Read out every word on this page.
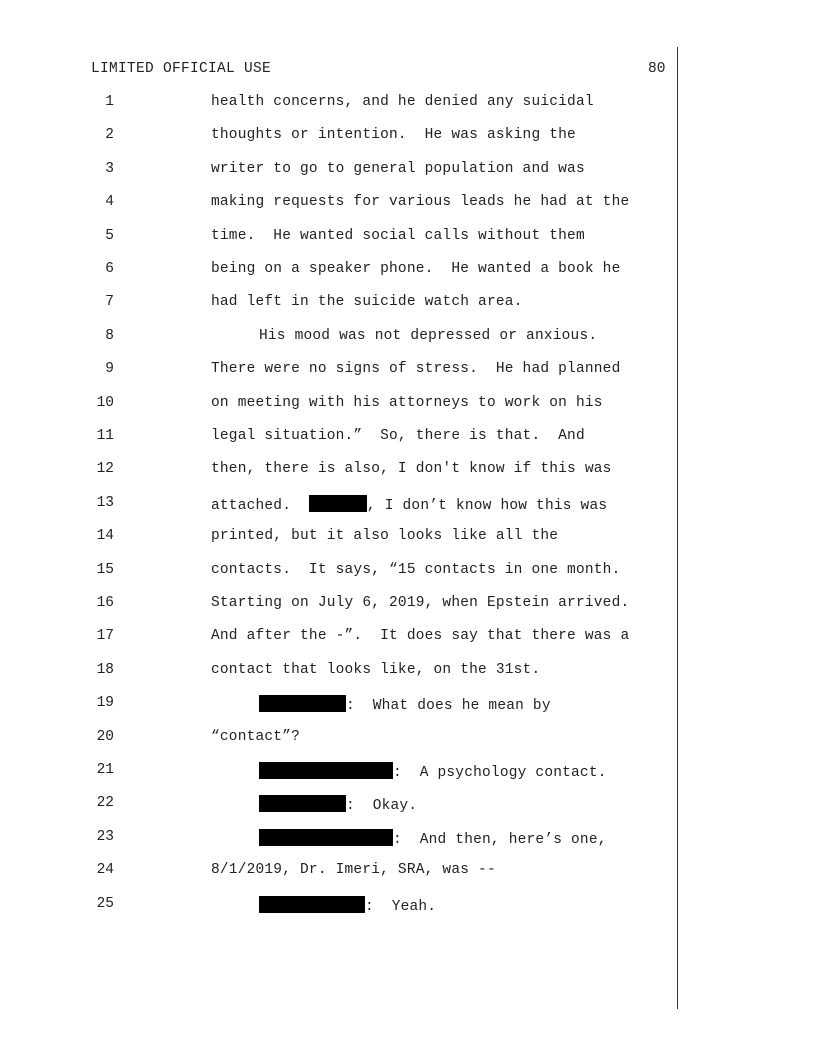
LIMITED OFFICIAL USE	80
1	health concerns, and he denied any suicidal
2	thoughts or intention.  He was asking the
3	writer to go to general population and was
4	making requests for various leads he had at the
5	time.  He wanted social calls without them
6	being on a speaker phone.  He wanted a book he
7	had left in the suicide watch area.
8	His mood was not depressed or anxious.
9	There were no signs of stress.  He had planned
10	on meeting with his attorneys to work on his
11	legal situation.”  So, there is that.  And
12	then, there is also, I don't know if this was
13	attached.	, I don’t know how this was
14	printed, but it also looks like all the
15	contacts.  It says, “15 contacts in one month.
16	Starting on July 6, 2019, when Epstein arrived.
17	And after the -”.  It does say that there was a
18	contact that looks like, on the 31st.
19	:  What does he mean by
20	“contact”?
21	:  A psychology contact.
22	:  Okay.
23	:  And then, here’s one,
24	8/1/2019, Dr. Imeri, SRA, was --
25	:  Yeah.
